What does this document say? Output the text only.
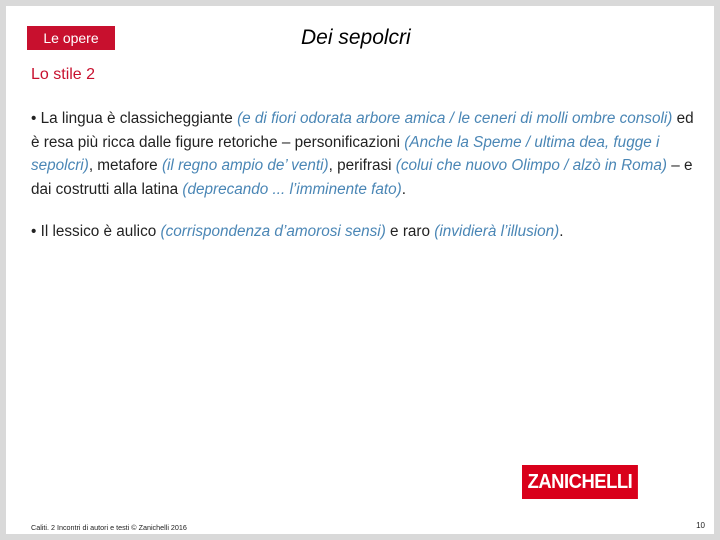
Le opere	Dei sepolcri
Lo stile 2

• La lingua è classicheggiante (e di fiori odorata arbore amica / le ceneri di molli ombre consoli) ed è resa più ricca dalle figure retoriche – personificazioni (Anche la Speme / ultima dea, fugge i sepolcri), metafore (il regno ampio de’ venti), perifrasi (colui che nuovo Olimpo / alzò in Roma) – e dai costrutti alla latina (deprecando ... l’imminente fato).

• Il lessico è aulico (corrispondenza d’amorosi sensi) e raro (invidierà l’illusion).

ZANICHELLI
Caliti. 2 Incontri di autori e testi © Zanichelli 2016	10
